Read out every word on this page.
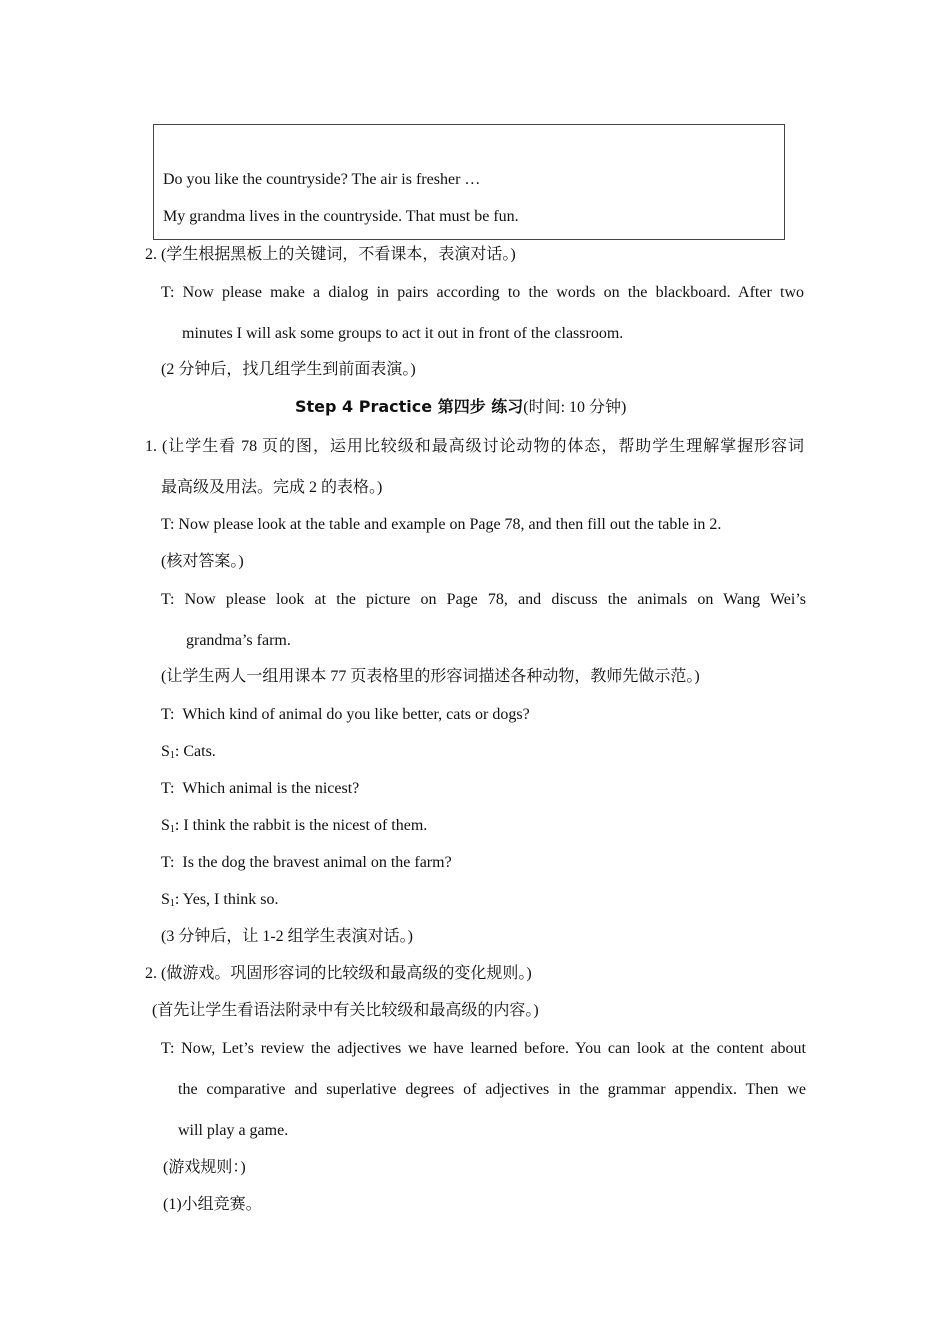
Do you like the countryside? The air is fresher …
My grandma lives in the countryside. That must be fun.
2. (学生根据黑板上的关键词，不看课本，表演对话。)
T: Now please make a dialog in pairs according to the words on the blackboard. After two
minutes I will ask some groups to act it out in front of the classroom.
(2 分钟后，找几组学生到前面表演。)
Step 4 Practice 第四步 练习(时间: 10 分钟)
1. (让学生看 78 页的图，运用比较级和最高级讨论动物的体态，帮助学生理解掌握形容词
最高级及用法。完成 2 的表格。)
T: Now please look at the table and example on Page 78, and then fill out the table in 2.
(核对答案。)
T: Now please look at the picture on Page 78, and discuss the animals on Wang Wei’s
grandma’s farm.
(让学生两人一组用课本 77 页表格里的形容词描述各种动物，教师先做示范。)
T: Which kind of animal do you like better, cats or dogs?
$S_1$: Cats.
T: Which animal is the nicest?
$S_1$: I think the rabbit is the nicest of them.
T: Is the dog the bravest animal on the farm?
$S_1$: Yes, I think so.
(3 分钟后，让 1-2 组学生表演对话。)
2. (做游戏。巩固形容词的比较级和最高级的变化规则。)
(首先让学生看语法附录中有关比较级和最高级的内容。)
T: Now, Let’s review the adjectives we have learned before. You can look at the content about
the comparative and superlative degrees of adjectives in the grammar appendix. Then we
will play a game.
(游戏规则：)
(1)小组竞赛。
